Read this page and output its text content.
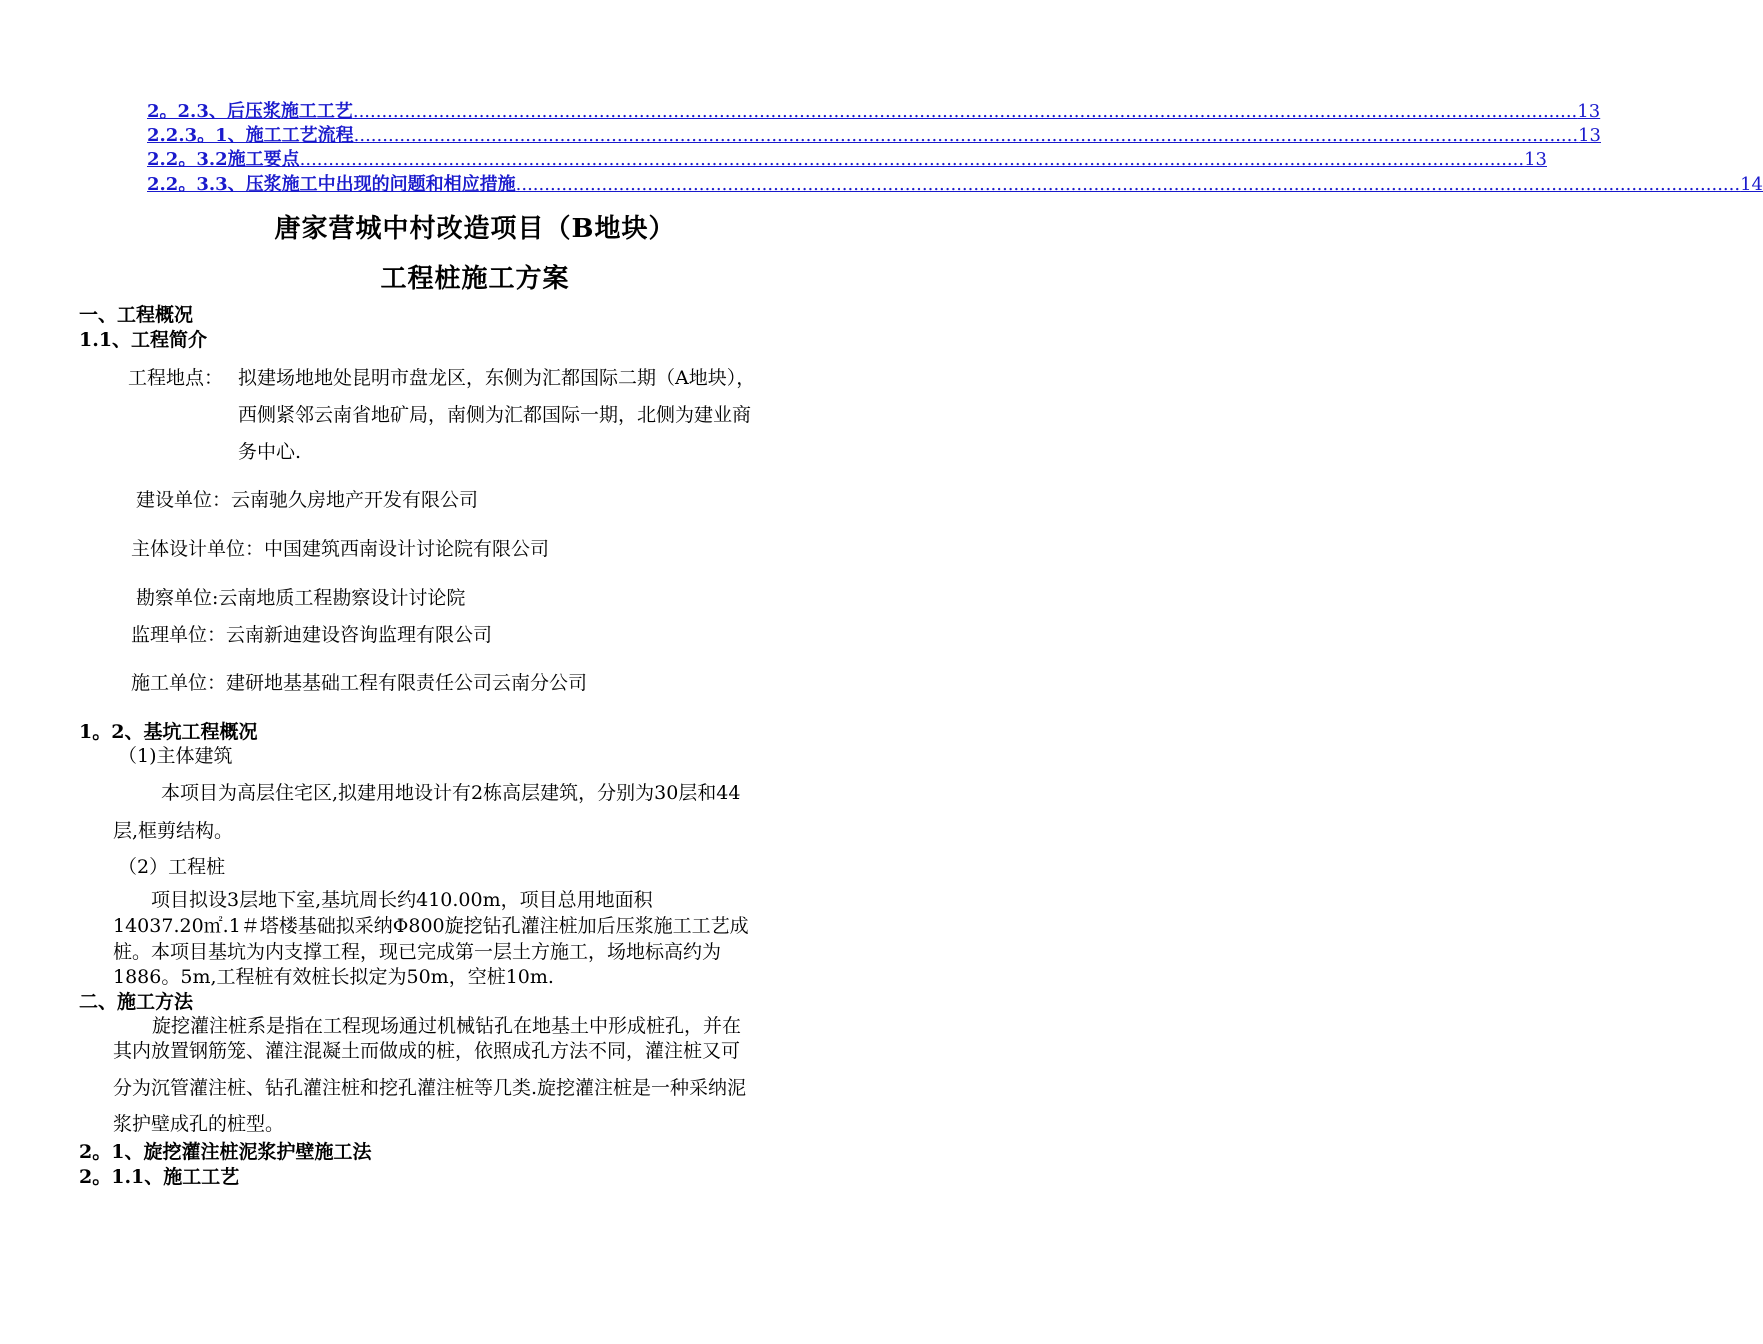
2。2.3、后压浆施工工艺 ...................................................................................................................................................................................................................... 13
2.2.3。1、施工工艺流程 ...................................................................................................................................................................................................................... 13
2.2。3.2施工要点 ...................................................................................................................................................................................................................... 13
2.2。3.3、压浆施工中出现的问题和相应措施 ...................................................................................................................................................................................................................... 14
唐家营城中村改造项目（B地块）
工程桩施工方案
一、工程概况
1.1、工程简介
工程地点： 拟建场地地处昆明市盘龙区，东侧为汇都国际二期（A地块），
西侧紧邻云南省地矿局，南侧为汇都国际一期，北侧为建业商
务中心.
建设单位：云南驰久房地产开发有限公司
主体设计单位：中国建筑西南设计讨论院有限公司
勘察单位:云南地质工程勘察设计讨论院
监理单位：云南新迪建设咨询监理有限公司
施工单位：建研地基基础工程有限责任公司云南分公司
1。2、基坑工程概况
（1)主体建筑
本项目为高层住宅区,拟建用地设计有2栋高层建筑，分别为30层和44
层,框剪结构。
（2）工程桩
项目拟设3层地下室,基坑周长约410.00m，项目总用地面积
14037.20㎡.1＃塔楼基础拟采纳Φ800旋挖钻孔灌注桩加后压浆施工工艺成
桩。本项目基坑为内支撑工程，现已完成第一层土方施工，场地标高约为
1886。5m,工程桩有效桩长拟定为50m，空桩10m.
二、施工方法
旋挖灌注桩系是指在工程现场通过机械钻孔在地基土中形成桩孔，并在
其内放置钢筋笼、灌注混凝土而做成的桩，依照成孔方法不同，灌注桩又可
分为沉管灌注桩、钻孔灌注桩和挖孔灌注桩等几类.旋挖灌注桩是一种采纳泥
浆护壁成孔的桩型。
2。1、旋挖灌注桩泥浆护壁施工法
2。1.1、施工工艺
